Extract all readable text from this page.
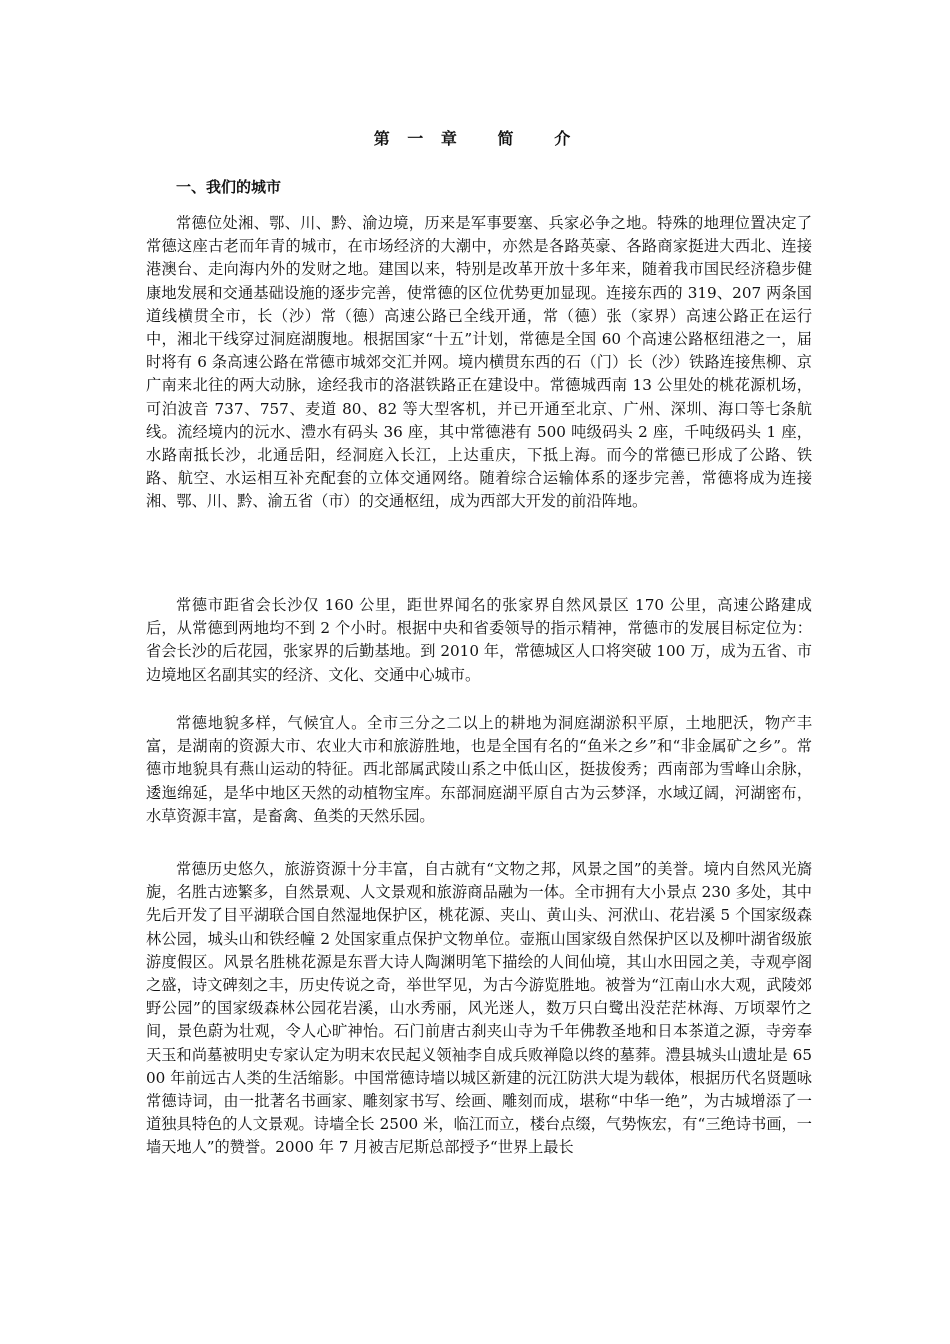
第 一 章   简   介
一、我们的城市

常德位处湘、鄂、川、黔、渝边境，历来是军事要塞、兵家必争之地。特殊的地理位置决定了常德这座古老而年青的城市，在市场经济的大潮中，亦然是各路英豪、各路商家挺进大西北、连接港澳台、走向海内外的发财之地。建国以来，特别是改革开放十多年来，随着我市国民经济稳步健康地发展和交通基础设施的逐步完善，使常德的区位优势更加显现。连接东西的 319、207 两条国道线横贯全市，长（沙）常（德）高速公路已全线开通，常（德）张（家界）高速公路正在运行中，湘北干线穿过洞庭湖腹地。根据国家“十五”计划，常德是全国 60 个高速公路枢纽港之一，届时将有 6 条高速公路在常德市城郊交汇并网。境内横贯东西的石（门）长（沙）铁路连接焦柳、京广南来北往的两大动脉，途经我市的洛湛铁路正在建设中。常德城西南 13 公里处的桃花源机场，可泊波音 737、757、麦道 80、82 等大型客机，并已开通至北京、广州、深圳、海口等七条航线。流经境内的沅水、澧水有码头 36 座，其中常德港有 500 吨级码头 2 座，千吨级码头 1 座，水路南抵长沙，北通岳阳，经洞庭入长江，上达重庆，下抵上海。而今的常德已形成了公路、铁路、航空、水运相互补充配套的立体交通网络。随着综合运输体系的逐步完善，常德将成为连接湘、鄂、川、黔、渝五省（市）的交通枢纽，成为西部大开发的前沿阵地。

常德市距省会长沙仅 160 公里，距世界闻名的张家界自然风景区 170 公里，高速公路建成后，从常德到两地均不到 2 个小时。根据中央和省委领导的指示精神，常德市的发展目标定位为：省会长沙的后花园，张家界的后勤基地。到 2010 年，常德城区人口将突破 100 万，成为五省、市边境地区名副其实的经济、文化、交通中心城市。

常德地貌多样，气候宜人。全市三分之二以上的耕地为洞庭湖淤积平原，土地肥沃，物产丰富，是湖南的资源大市、农业大市和旅游胜地，也是全国有名的“鱼米之乡”和“非金属矿之乡”。常德市地貌具有燕山运动的特征。西北部属武陵山系之中低山区，挺拔俊秀；西南部为雪峰山余脉，逶迤绵延，是华中地区天然的动植物宝库。东部洞庭湖平原自古为云梦泽，水域辽阔，河湖密布，水草资源丰富，是畜禽、鱼类的天然乐园。

常德历史悠久，旅游资源十分丰富，自古就有“文物之邦，风景之国”的美誉。境内自然风光旖旎，名胜古迹繁多，自然景观、人文景观和旅游商品融为一体。全市拥有大小景点 230 多处，其中先后开发了目平湖联合国自然湿地保护区，桃花源、夹山、黄山头、河洑山、花岩溪 5 个国家级森林公园，城头山和铁经幢 2 处国家重点保护文物单位。壶瓶山国家级自然保护区以及柳叶湖省级旅游度假区。风景名胜桃花源是东晋大诗人陶渊明笔下描绘的人间仙境，其山水田园之美，寺观亭阁之盛，诗文碑刻之丰，历史传说之奇，举世罕见，为古今游览胜地。被誉为“江南山水大观，武陵郊野公园”的国家级森林公园花岩溪，山水秀丽，风光迷人，数万只白鹭出没茫茫林海、万顷翠竹之间，景色蔚为壮观，令人心旷神怡。石门前唐古刹夹山寺为千年佛教圣地和日本茶道之源，寺旁奉天玉和尚墓被明史专家认定为明末农民起义领袖李自成兵败禅隐以终的墓葬。澧县城头山遗址是 6500 年前远古人类的生活缩影。中国常德诗墙以城区新建的沅江防洪大堤为载体，根据历代名贤题咏常德诗词，由一批著名书画家、雕刻家书写、绘画、雕刻而成，堪称“中华一绝”，为古城增添了一道独具特色的人文景观。诗墙全长 2500 米，临江而立，楼台点缀，气势恢宏，有“三绝诗书画，一墙天地人”的赞誉。2000 年 7 月被吉尼斯总部授予“世界上最长
